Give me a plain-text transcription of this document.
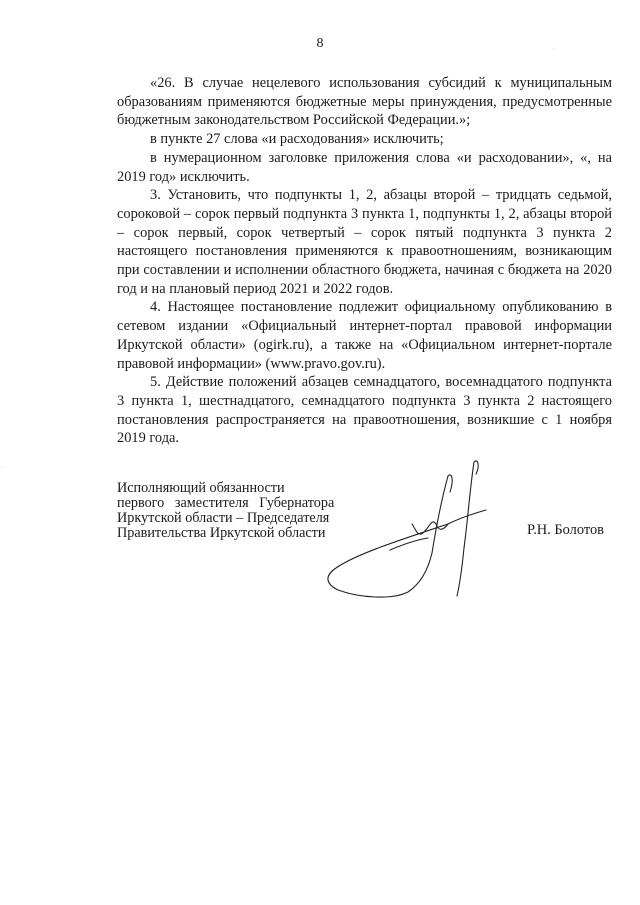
8

«26. В случае нецелевого использования субсидий к муниципальным образованиям применяются бюджетные меры принуждения, предусмотренные бюджетным законодательством Российской Федерации.»;

в пункте 27 слова «и расходования» исключить;

в нумерационном заголовке приложения слова «и расходовании», «, на 2019 год» исключить.

3. Установить, что подпункты 1, 2, абзацы второй – тридцать седьмой, сороковой – сорок первый подпункта 3 пункта 1, подпункты 1, 2, абзацы второй – сорок первый, сорок четвертый – сорок пятый подпункта 3 пункта 2 настоящего постановления применяются к правоотношениям, возникающим при составлении и исполнении областного бюджета, начиная с бюджета на 2020 год и на плановый период 2021 и 2022 годов.

4. Настоящее постановление подлежит официальному опубликованию в сетевом издании «Официальный интернет-портал правовой информации Иркутской области» (ogirk.ru), а также на «Официальном интернет-портале правовой информации» (www.pravo.gov.ru).

5. Действие положений абзацев семнадцатого, восемнадцатого подпункта 3 пункта 1, шестнадцатого, семнадцатого подпункта 3 пункта 2 настоящего постановления распространяется на правоотношения, возникшие с 1 ноября 2019 года.

Исполняющий обязанности
первого   заместителя   Губернатора
Иркутской области – Председателя
Правительства Иркутской области	Р.Н. Болотов
·
·
